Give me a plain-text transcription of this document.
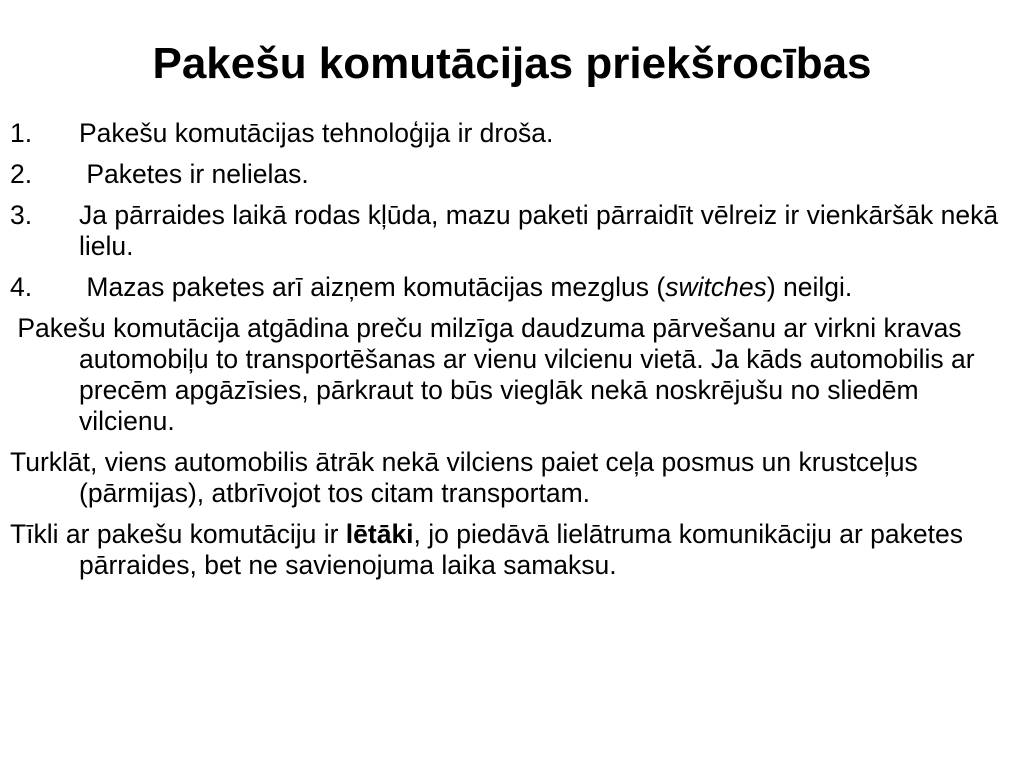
Pakešu komutācijas priekšrocības
1. Pakešu komutācijas tehnoloģija ir droša.
2. Paketes ir nelielas.
3. Ja pārraides laikā rodas kļūda, mazu paketi pārraidīt vēlreiz ir vienkāršāk nekā lielu.
4. Mazas paketes arī aizņem komutācijas mezglus (switches) neilgi.
Pakešu komutācija atgādina preču milzīga daudzuma pārvešanu ar virkni kravas automobiļu to transportēšanas ar vienu vilcienu vietā. Ja kāds automobilis ar precēm apgāzīsies, pārkraut to būs vieglāk nekā noskrējušu no sliedēm vilcienu.
Turklāt, viens automobilis ātrāk nekā vilciens paiet ceļa posmus un krustceļus (pārmijas), atbrīvojot tos citam transportam.
Tīkli ar pakešu komutāciju ir lētāki, jo piedāvā lielātruma komunikāciju ar paketes pārraides, bet ne savienojuma laika samaksu.
